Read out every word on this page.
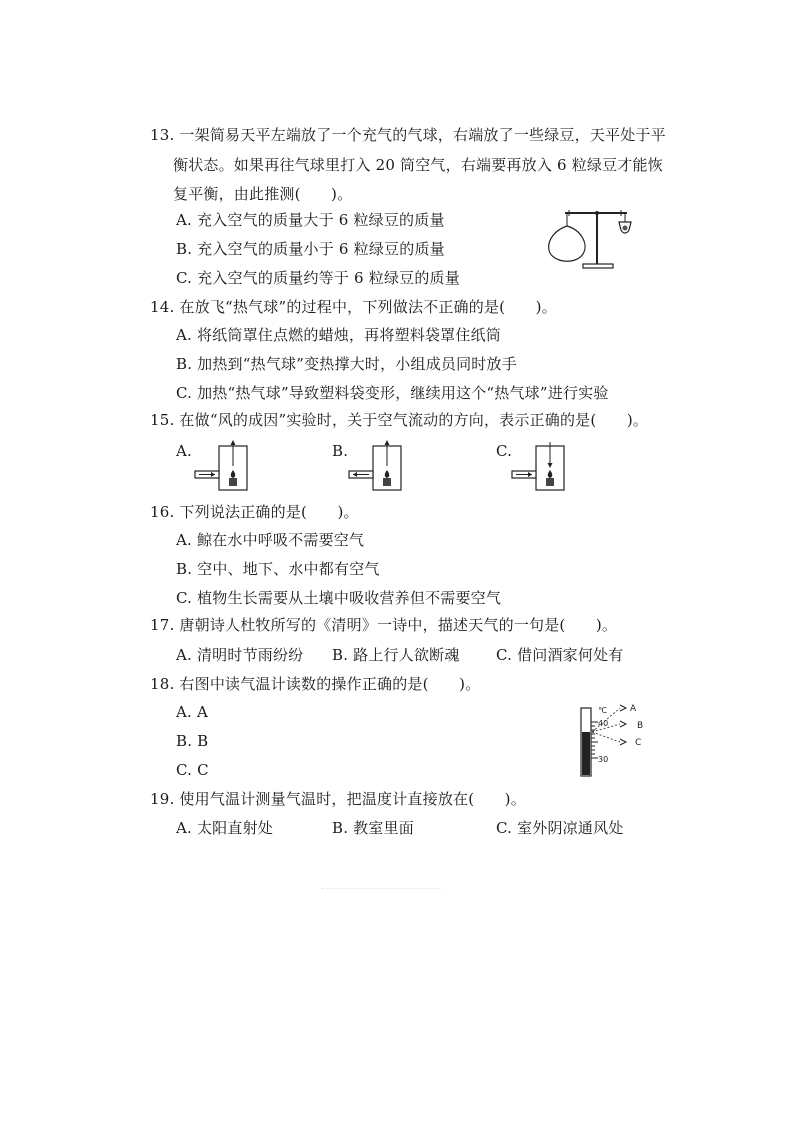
13. 一架简易天平左端放了一个充气的气球，右端放了一些绿豆，天平处于平
衡状态。如果再往气球里打入 20 筒空气，右端要再放入 6 粒绿豆才能恢
复平衡，由此推测(　　)。
A. 充入空气的质量大于 6 粒绿豆的质量
B. 充入空气的质量小于 6 粒绿豆的质量
C. 充入空气的质量约等于 6 粒绿豆的质量
14. 在放飞“热气球”的过程中，下列做法不正确的是(　　)。
A. 将纸筒罩住点燃的蜡烛，再将塑料袋罩住纸筒
B. 加热到“热气球”变热撑大时，小组成员同时放手
C. 加热“热气球”导致塑料袋变形，继续用这个“热气球”进行实验
15. 在做“风的成因”实验时，关于空气流动的方向，表示正确的是(　　)。
A.	B.	C.
16. 下列说法正确的是(　　)。
A. 鲸在水中呼吸不需要空气
B. 空中、地下、水中都有空气
C. 植物生长需要从土壤中吸收营养但不需要空气
17. 唐朝诗人杜牧所写的《清明》一诗中，描述天气的一句是(　　)。
A. 清明时节雨纷纷 B. 路上行人欲断魂 C. 借问酒家何处有
18. 右图中读气温计读数的操作正确的是(　　)。
A. A
B. B
C. C
℃
40
30
A
B
C
19. 使用气温计测量气温时，把温度计直接放在(　　)。
A. 太阳直射处	B. 教室里面	C. 室外阴凉通风处
